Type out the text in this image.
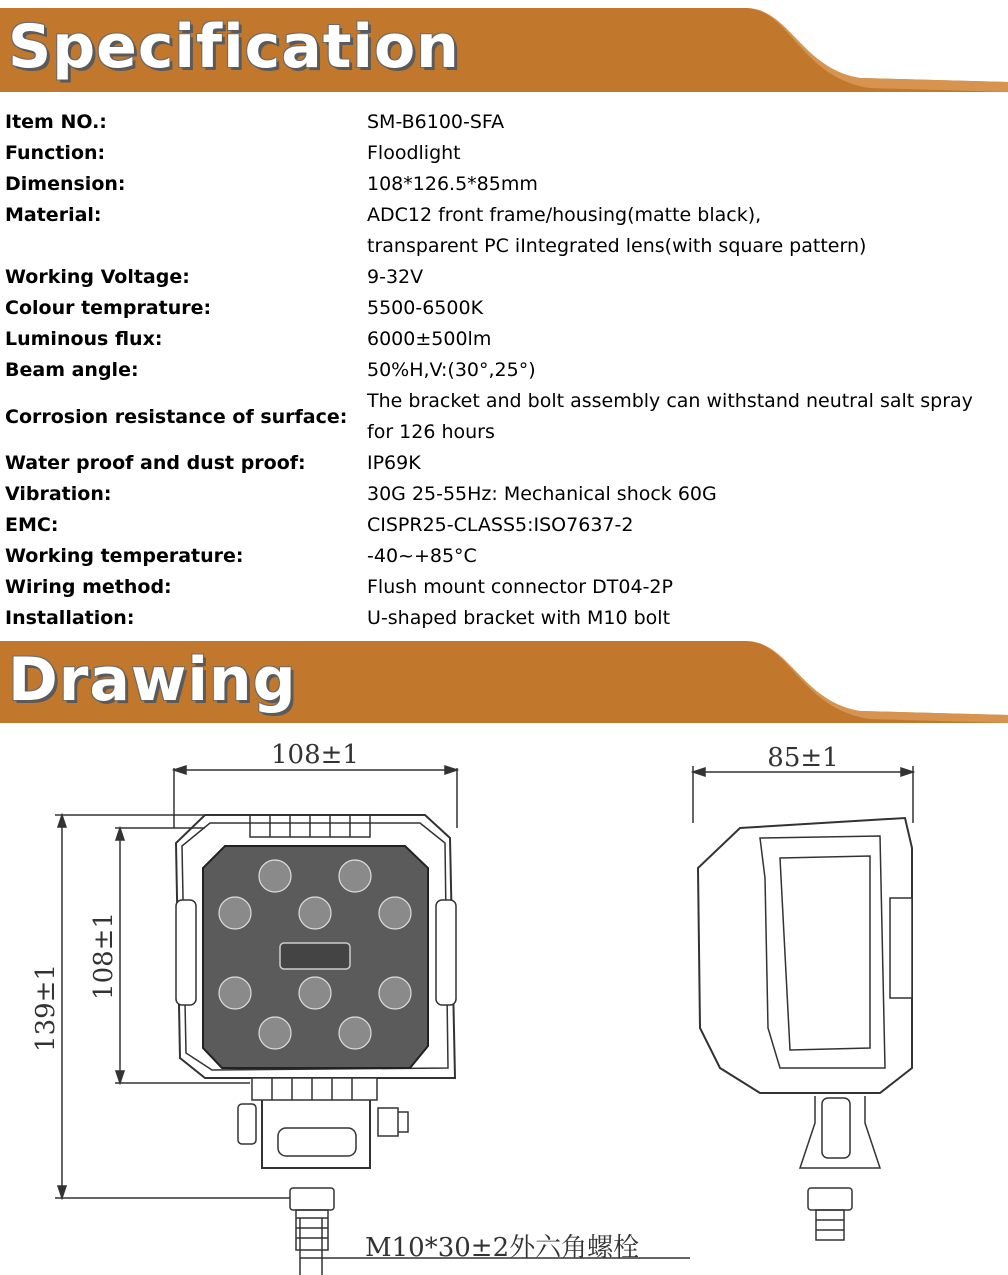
Specification
Item NO.:	SM-B6100-SFA
Function:	Floodlight
Dimension:	108*126.5*85mm
Material:	ADC12 front frame/housing(matte black),
transparent PC iIntegrated lens(with square pattern)
Working Voltage:	9-32V
Colour temprature:	5500-6500K
Luminous flux:	6000±500lm
Beam angle:	50%H,V:(30°,25°)
Corrosion resistance of surface:
The bracket and bolt assembly can withstand neutral salt spray
for 126 hours
Water proof and dust proof:	IP69K
Vibration:	30G 25-55Hz: Mechanical shock 60G
EMC:	CISPR25-CLASS5:ISO7637-2
Working temperature:	-40~+85°C
Wiring method:	Flush mount connector DT04-2P
Installation:	U-shaped bracket with M10 bolt
Drawing
108±1	85±1
108±1
139±1
M10*30±2外六角螺栓
